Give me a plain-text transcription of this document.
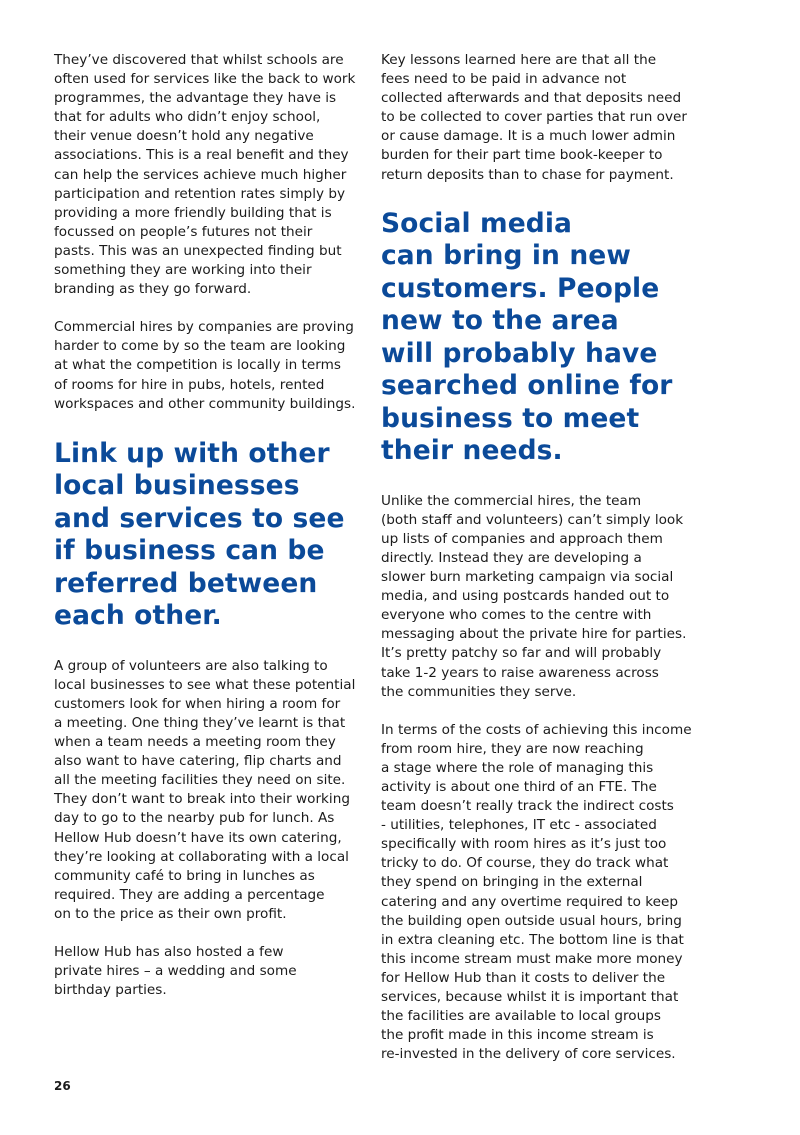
They’ve discovered that whilst schools are
often used for services like the back to work
programmes, the advantage they have is
that for adults who didn’t enjoy school,
their venue doesn’t hold any negative
associations. This is a real benefit and they
can help the services achieve much higher
participation and retention rates simply by
providing a more friendly building that is
focussed on people’s futures not their
pasts. This was an unexpected finding but
something they are working into their
branding as they go forward.

Commercial hires by companies are proving
harder to come by so the team are looking
at what the competition is locally in terms
of rooms for hire in pubs, hotels, rented
workspaces and other community buildings.

Link up with other
local businesses
and services to see
if business can be
referred between
each other.

A group of volunteers are also talking to
local businesses to see what these potential
customers look for when hiring a room for
a meeting. One thing they’ve learnt is that
when a team needs a meeting room they
also want to have catering, flip charts and
all the meeting facilities they need on site.
They don’t want to break into their working
day to go to the nearby pub for lunch. As
Hellow Hub doesn’t have its own catering,
they’re looking at collaborating with a local
community café to bring in lunches as
required. They are adding a percentage
on to the price as their own profit.

Hellow Hub has also hosted a few
private hires – a wedding and some
birthday parties.

Key lessons learned here are that all the
fees need to be paid in advance not
collected afterwards and that deposits need
to be collected to cover parties that run over
or cause damage. It is a much lower admin
burden for their part time book-keeper to
return deposits than to chase for payment.

Social media
can bring in new
customers. People
new to the area
will probably have
searched online for
business to meet
their needs.

Unlike the commercial hires, the team
(both staff and volunteers) can’t simply look
up lists of companies and approach them
directly. Instead they are developing a
slower burn marketing campaign via social
media, and using postcards handed out to
everyone who comes to the centre with
messaging about the private hire for parties.
It’s pretty patchy so far and will probably
take 1-2 years to raise awareness across
the communities they serve.

In terms of the costs of achieving this income
from room hire, they are now reaching
a stage where the role of managing this
activity is about one third of an FTE. The
team doesn’t really track the indirect costs
- utilities, telephones, IT etc - associated
specifically with room hires as it’s just too
tricky to do. Of course, they do track what
they spend on bringing in the external
catering and any overtime required to keep
the building open outside usual hours, bring
in extra cleaning etc. The bottom line is that
this income stream must make more money
for Hellow Hub than it costs to deliver the
services, because whilst it is important that
the facilities are available to local groups
the profit made in this income stream is
re-invested in the delivery of core services.

26
